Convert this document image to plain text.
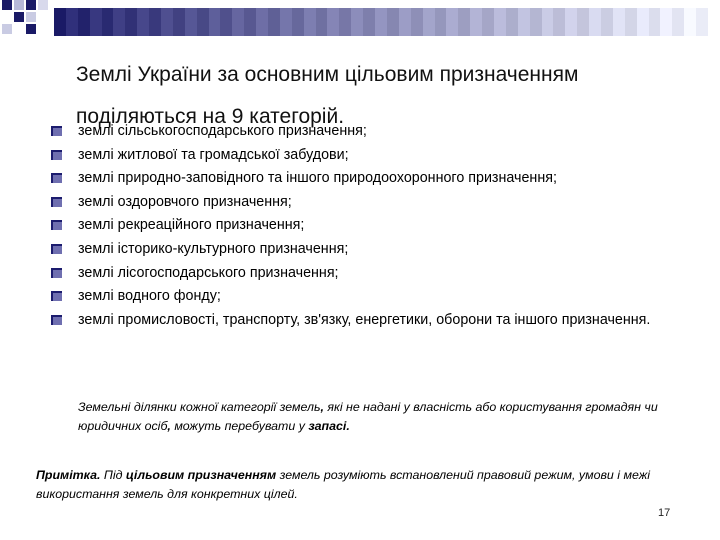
Землі України за основним цільовим призначенням
поділяються на 9 категорій.
землі сільськогосподарського призначення;
землі житлової та громадської забудови;
землі природно-заповідного та іншого природоохоронного призначення;
землі оздоровчого призначення;
землі рекреаційного призначення;
землі історико-культурного призначення;
землі лісогосподарського призначення;
землі водного фонду;
землі промисловості, транспорту, зв'язку, енергетики, оборони та іншого призначення.
Земельні ділянки кожної категорії земель, які не надані у власність або користування громадян чи юридичних осіб, можуть перебувати у запасі.
Примітка. Під цільовим призначенням земель розуміють встановлений правовий режим, умови і межі використання земель для конкретних цілей.
17
